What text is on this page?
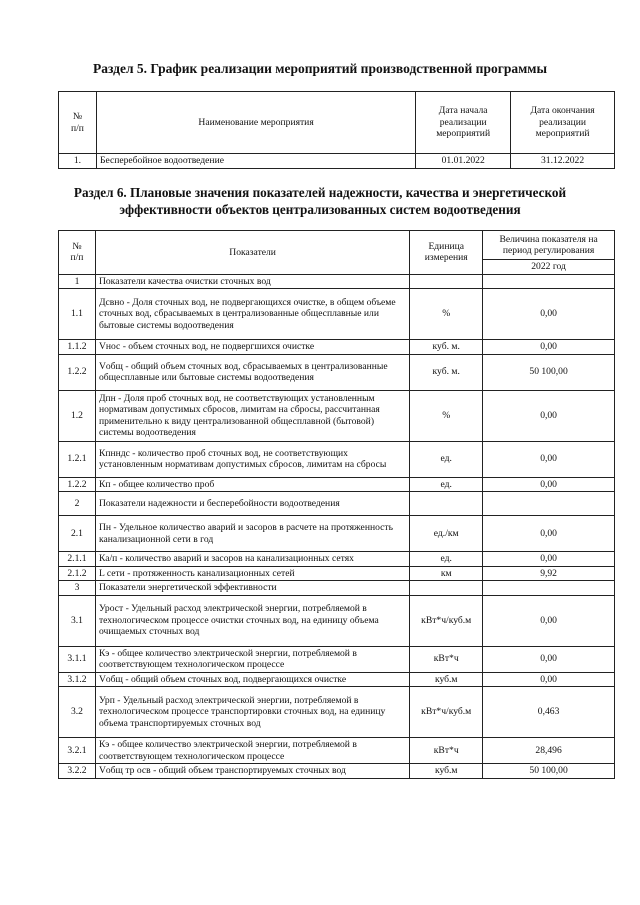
Раздел 5. График реализации мероприятий производственной программы
№
п/п	Наименование мероприятия	Дата начала реализации мероприятий	Дата окончания реализации мероприятий
1.	Бесперебойное водоотведение	01.01.2022	31.12.2022
Раздел 6. Плановые значения показателей надежности, качества и энергетической
эффективности объектов централизованных систем водоотведения
№
п/п	Показатели	Единица измерения	Величина показателя на период регулирования
			2022 год
1	Показатели качества очистки сточных вод		
1.1	Дсвно - Доля сточных вод, не подвергающихся очистке, в общем объеме сточных вод, сбрасываемых в централизованные общесплавные или бытовые системы водоотведения	%	0,00
1.1.2	Vнос - объем сточных вод, не подвергшихся очистке	куб. м.	0,00
1.2.2	Vобщ - общий объем сточных вод, сбрасываемых в централизованные общесплавные или бытовые системы водоотведения	куб. м.	50 100,00
1.2	Дпн - Доля проб сточных вод, не соответствующих установленным нормативам допустимых сбросов, лимитам на сбросы, рассчитанная применительно к виду централизованной общесплавной (бытовой) системы водоотведения	%	0,00
1.2.1	Кпнндс - количество проб сточных вод, не соответствующих установленным нормативам допустимых сбросов, лимитам на сбросы	ед.	0,00
1.2.2	Кп - общее количество проб	ед.	0,00
2	Показатели надежности и бесперебойности водоотведения		
2.1	Пн - Удельное количество аварий и засоров в расчете на протяженность канализационной сети в год	ед./км	0,00
2.1.1	Ка/п - количество аварий и засоров на канализационных сетях	ед.	0,00
2.1.2	L сети - протяженность канализационных сетей	км	9,92
3	Показатели энергетической эффективности		
3.1	Урост - Удельный расход электрической энергии, потребляемой в технологическом процессе очистки сточных вод, на единицу объема очищаемых сточных вод	кВт*ч/куб.м	0,00
3.1.1	Кэ - общее количество электрической энергии, потребляемой в соответствующем технологическом процессе	кВт*ч	0,00
3.1.2	Vобщ - общий объем сточных вод, подвергающихся очистке	куб.м	0,00
3.2	Урп - Удельный расход электрической энергии, потребляемой в технологическом процессе транспортировки сточных вод, на единицу объема транспортируемых сточных вод	кВт*ч/куб.м	0,463
3.2.1	Кэ - общее количество электрической энергии, потребляемой в соответствующем технологическом процессе	кВт*ч	28,496
3.2.2	Vобщ тр осв - общий объем транспортируемых сточных вод	куб.м	50 100,00
